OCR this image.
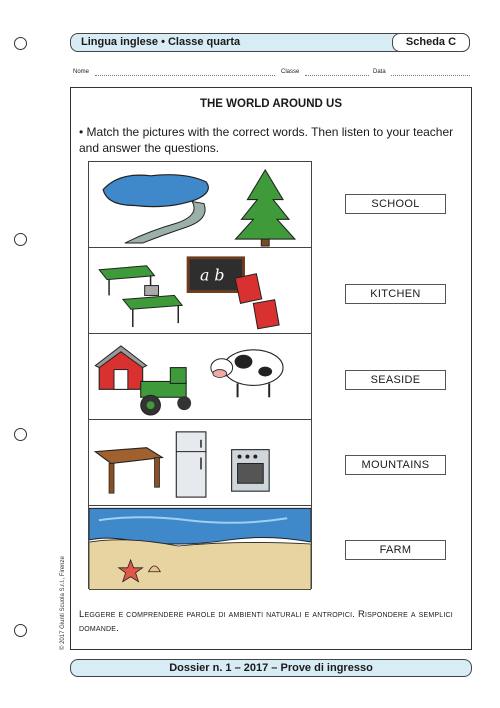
Lingua inglese • Classe quarta	Scheda C
Nome	Classe	Data
THE WORLD AROUND US
• Match the pictures with the correct words. Then listen to your teacher and answer the questions.
a b
SCHOOL
KITCHEN
SEASIDE
MOUNTAINS
FARM
Leggere e comprendere parole di ambienti naturali e antropici. Rispondere a semplici domande.
© 2017 Giunti Scuola S.r.l., Firenze
Dossier n. 1 – 2017 – Prove di ingresso
